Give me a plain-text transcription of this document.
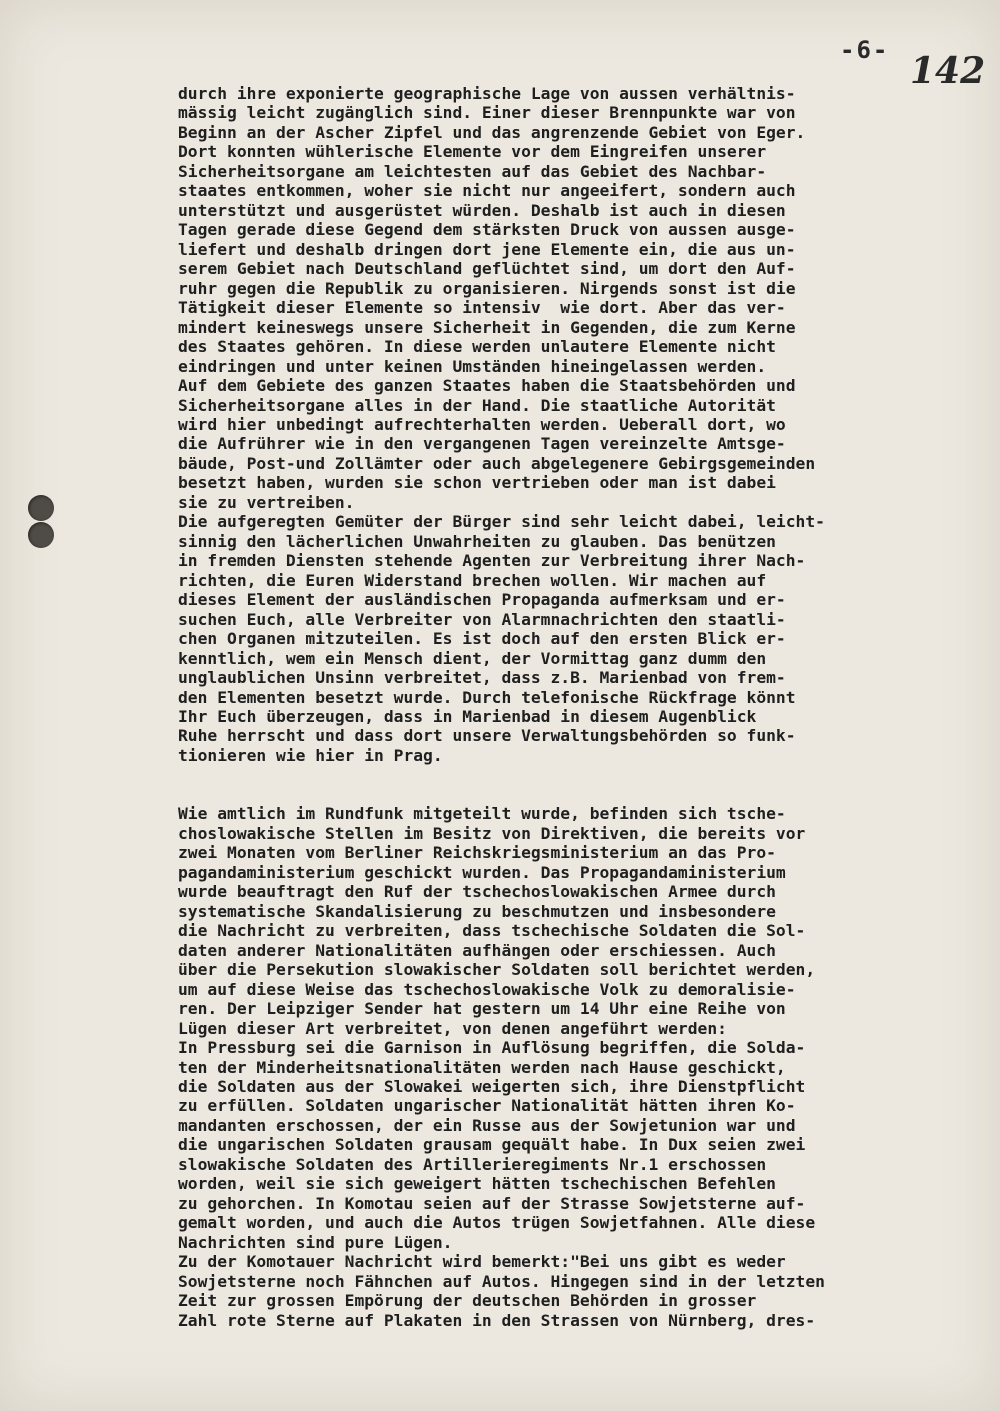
-6- 142
durch ihre exponierte geographische Lage von aussen verhältnis-
mässig leicht zugänglich sind. Einer dieser Brennpunkte war von
Beginn an der Ascher Zipfel und das angrenzende Gebiet von Eger.
Dort konnten wühlerische Elemente vor dem Eingreifen unserer
Sicherheitsorgane am leichtesten auf das Gebiet des Nachbar-
staates entkommen, woher sie nicht nur angeeifert, sondern auch
unterstützt und ausgerüstet würden. Deshalb ist auch in diesen
Tagen gerade diese Gegend dem stärksten Druck von aussen ausge-
liefert und deshalb dringen dort jene Elemente ein, die aus un-
serem Gebiet nach Deutschland geflüchtet sind, um dort den Auf-
ruhr gegen die Republik zu organisieren. Nirgends sonst ist die
Tätigkeit dieser Elemente so intensiv  wie dort. Aber das ver-
mindert keineswegs unsere Sicherheit in Gegenden, die zum Kerne
des Staates gehören. In diese werden unlautere Elemente nicht
eindringen und unter keinen Umständen hineingelassen werden.
Auf dem Gebiete des ganzen Staates haben die Staatsbehörden und
Sicherheitsorgane alles in der Hand. Die staatliche Autorität
wird hier unbedingt aufrechterhalten werden. Ueberall dort, wo
die Aufrührer wie in den vergangenen Tagen vereinzelte Amtsge-
bäude, Post-und Zollämter oder auch abgelegenere Gebirgsgemeinden
besetzt haben, wurden sie schon vertrieben oder man ist dabei
sie zu vertreiben.
Die aufgeregten Gemüter der Bürger sind sehr leicht dabei, leicht-
sinnig den lächerlichen Unwahrheiten zu glauben. Das benützen
in fremden Diensten stehende Agenten zur Verbreitung ihrer Nach-
richten, die Euren Widerstand brechen wollen. Wir machen auf
dieses Element der ausländischen Propaganda aufmerksam und er-
suchen Euch, alle Verbreiter von Alarmnachrichten den staatli-
chen Organen mitzuteilen. Es ist doch auf den ersten Blick er-
kenntlich, wem ein Mensch dient, der Vormittag ganz dumm den
unglaublichen Unsinn verbreitet, dass z.B. Marienbad von frem-
den Elementen besetzt wurde. Durch telefonische Rückfrage könnt
Ihr Euch überzeugen, dass in Marienbad in diesem Augenblick
Ruhe herrscht und dass dort unsere Verwaltungsbehörden so funk-
tionieren wie hier in Prag.
Wie amtlich im Rundfunk mitgeteilt wurde, befinden sich tsche-
choslowakische Stellen im Besitz von Direktiven, die bereits vor
zwei Monaten vom Berliner Reichskriegsministerium an das Pro-
pagandaministerium geschickt wurden. Das Propagandaministerium
wurde beauftragt den Ruf der tschechoslowakischen Armee durch
systematische Skandalisierung zu beschmutzen und insbesondere
die Nachricht zu verbreiten, dass tschechische Soldaten die Sol-
daten anderer Nationalitäten aufhängen oder erschiessen. Auch
über die Persekution slowakischer Soldaten soll berichtet werden,
um auf diese Weise das tschechoslowakische Volk zu demoralisie-
ren. Der Leipziger Sender hat gestern um 14 Uhr eine Reihe von
Lügen dieser Art verbreitet, von denen angeführt werden:
In Pressburg sei die Garnison in Auflösung begriffen, die Solda-
ten der Minderheitsnationalitäten werden nach Hause geschickt,
die Soldaten aus der Slowakei weigerten sich, ihre Dienstpflicht
zu erfüllen. Soldaten ungarischer Nationalität hätten ihren Ko-
mandanten erschossen, der ein Russe aus der Sowjetunion war und
die ungarischen Soldaten grausam gequält habe. In Dux seien zwei
slowakische Soldaten des Artillerieregiments Nr.1 erschossen
worden, weil sie sich geweigert hätten tschechischen Befehlen
zu gehorchen. In Komotau seien auf der Strasse Sowjetsterne auf-
gemalt worden, und auch die Autos trügen Sowjetfahnen. Alle diese
Nachrichten sind pure Lügen.
Zu der Komotauer Nachricht wird bemerkt:"Bei uns gibt es weder
Sowjetsterne noch Fähnchen auf Autos. Hingegen sind in der letzten
Zeit zur grossen Empörung der deutschen Behörden in grosser
Zahl rote Sterne auf Plakaten in den Strassen von Nürnberg, dres-
